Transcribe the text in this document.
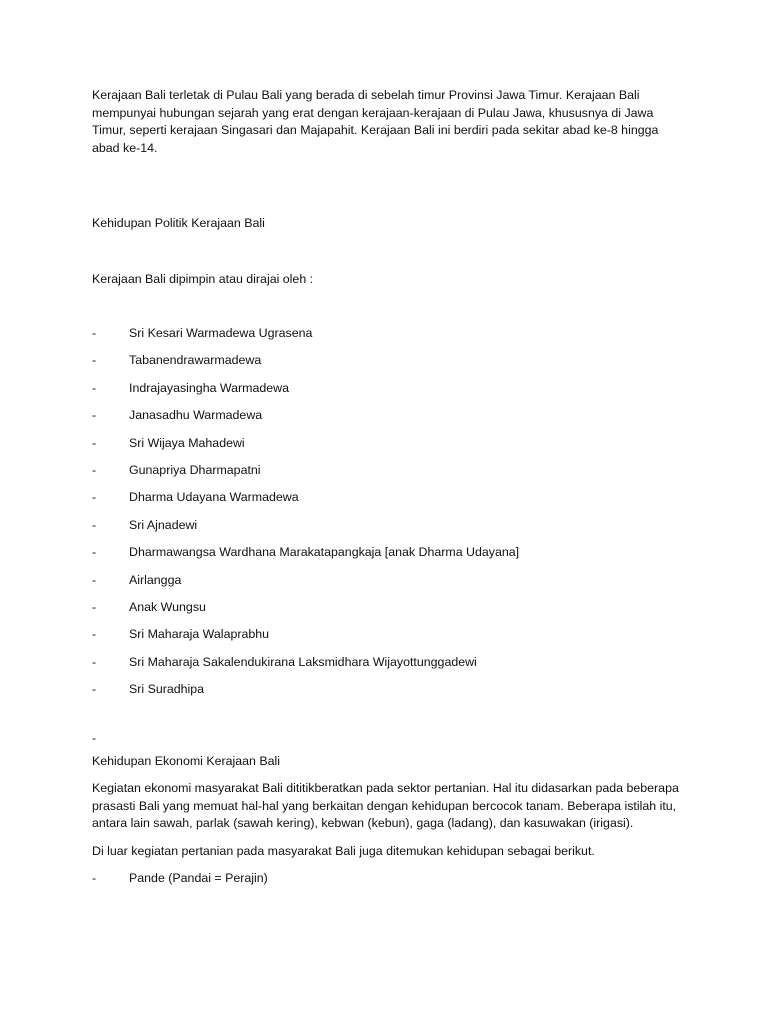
Kerajaan Bali terletak di Pulau Bali yang berada di sebelah timur Provinsi Jawa Timur. Kerajaan Bali mempunyai hubungan sejarah yang erat dengan kerajaan-kerajaan di Pulau Jawa, khususnya di Jawa Timur, seperti kerajaan Singasari dan Majapahit. Kerajaan Bali ini berdiri pada sekitar abad ke-8 hingga abad ke-14.

Kehidupan Politik Kerajaan Bali

Kerajaan Bali dipimpin atau dirajai oleh :

-	Sri Kesari Warmadewa Ugrasena
-	Tabanendrawarmadewa
-	Indrajayasingha Warmadewa
-	Janasadhu Warmadewa
-	Sri Wijaya Mahadewi
-	Gunapriya Dharmapatni
-	Dharma Udayana Warmadewa
-	Sri Ajnadewi
-	Dharmawangsa Wardhana Marakatapangkaja [anak Dharma Udayana]
-	Airlangga
-	Anak Wungsu
-	Sri Maharaja Walaprabhu
-	Sri Maharaja Sakalendukirana Laksmidhara Wijayottunggadewi
-	Sri Suradhipa

-

Kehidupan Ekonomi Kerajaan Bali

Kegiatan ekonomi masyarakat Bali dititikberatkan pada sektor pertanian. Hal itu didasarkan pada beberapa prasasti Bali yang memuat hal-hal yang berkaitan dengan kehidupan bercocok tanam. Beberapa istilah itu, antara lain sawah, parlak (sawah kering), kebwan (kebun), gaga (ladang), dan kasuwakan (irigasi).

Di luar kegiatan pertanian pada masyarakat Bali juga ditemukan kehidupan sebagai berikut.

-	Pande (Pandai = Perajin)
